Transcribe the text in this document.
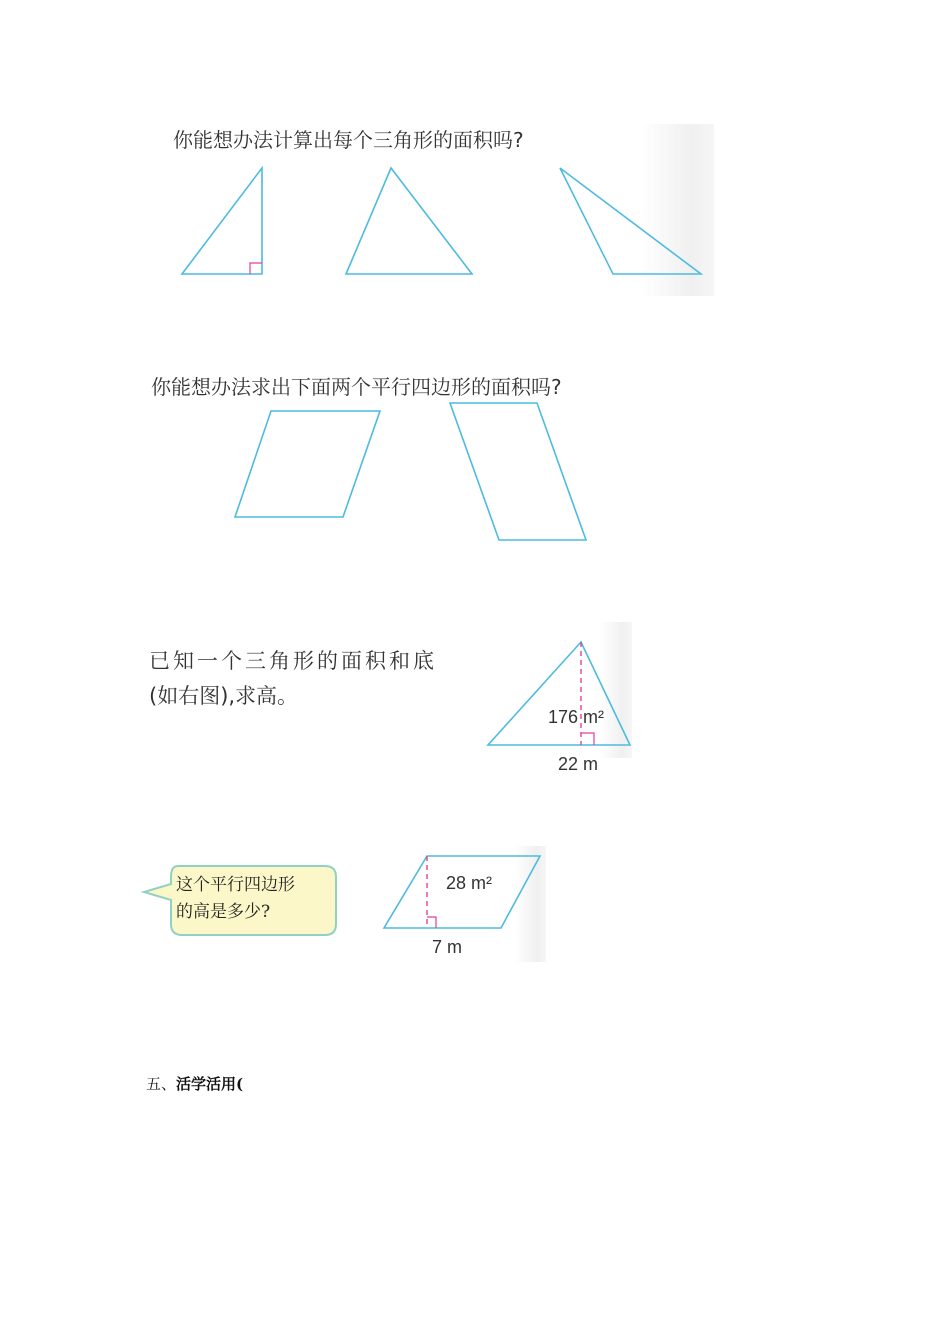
你能想办法计算出每个三角形的面积吗?
你能想办法求出下面两个平行四边形的面积吗?
已知一个三角形的面积和底
(如右图),求高。
176 m²
22 m
这个平行四边形
的高是多少?
28 m²
7 m
五、活学活用(
